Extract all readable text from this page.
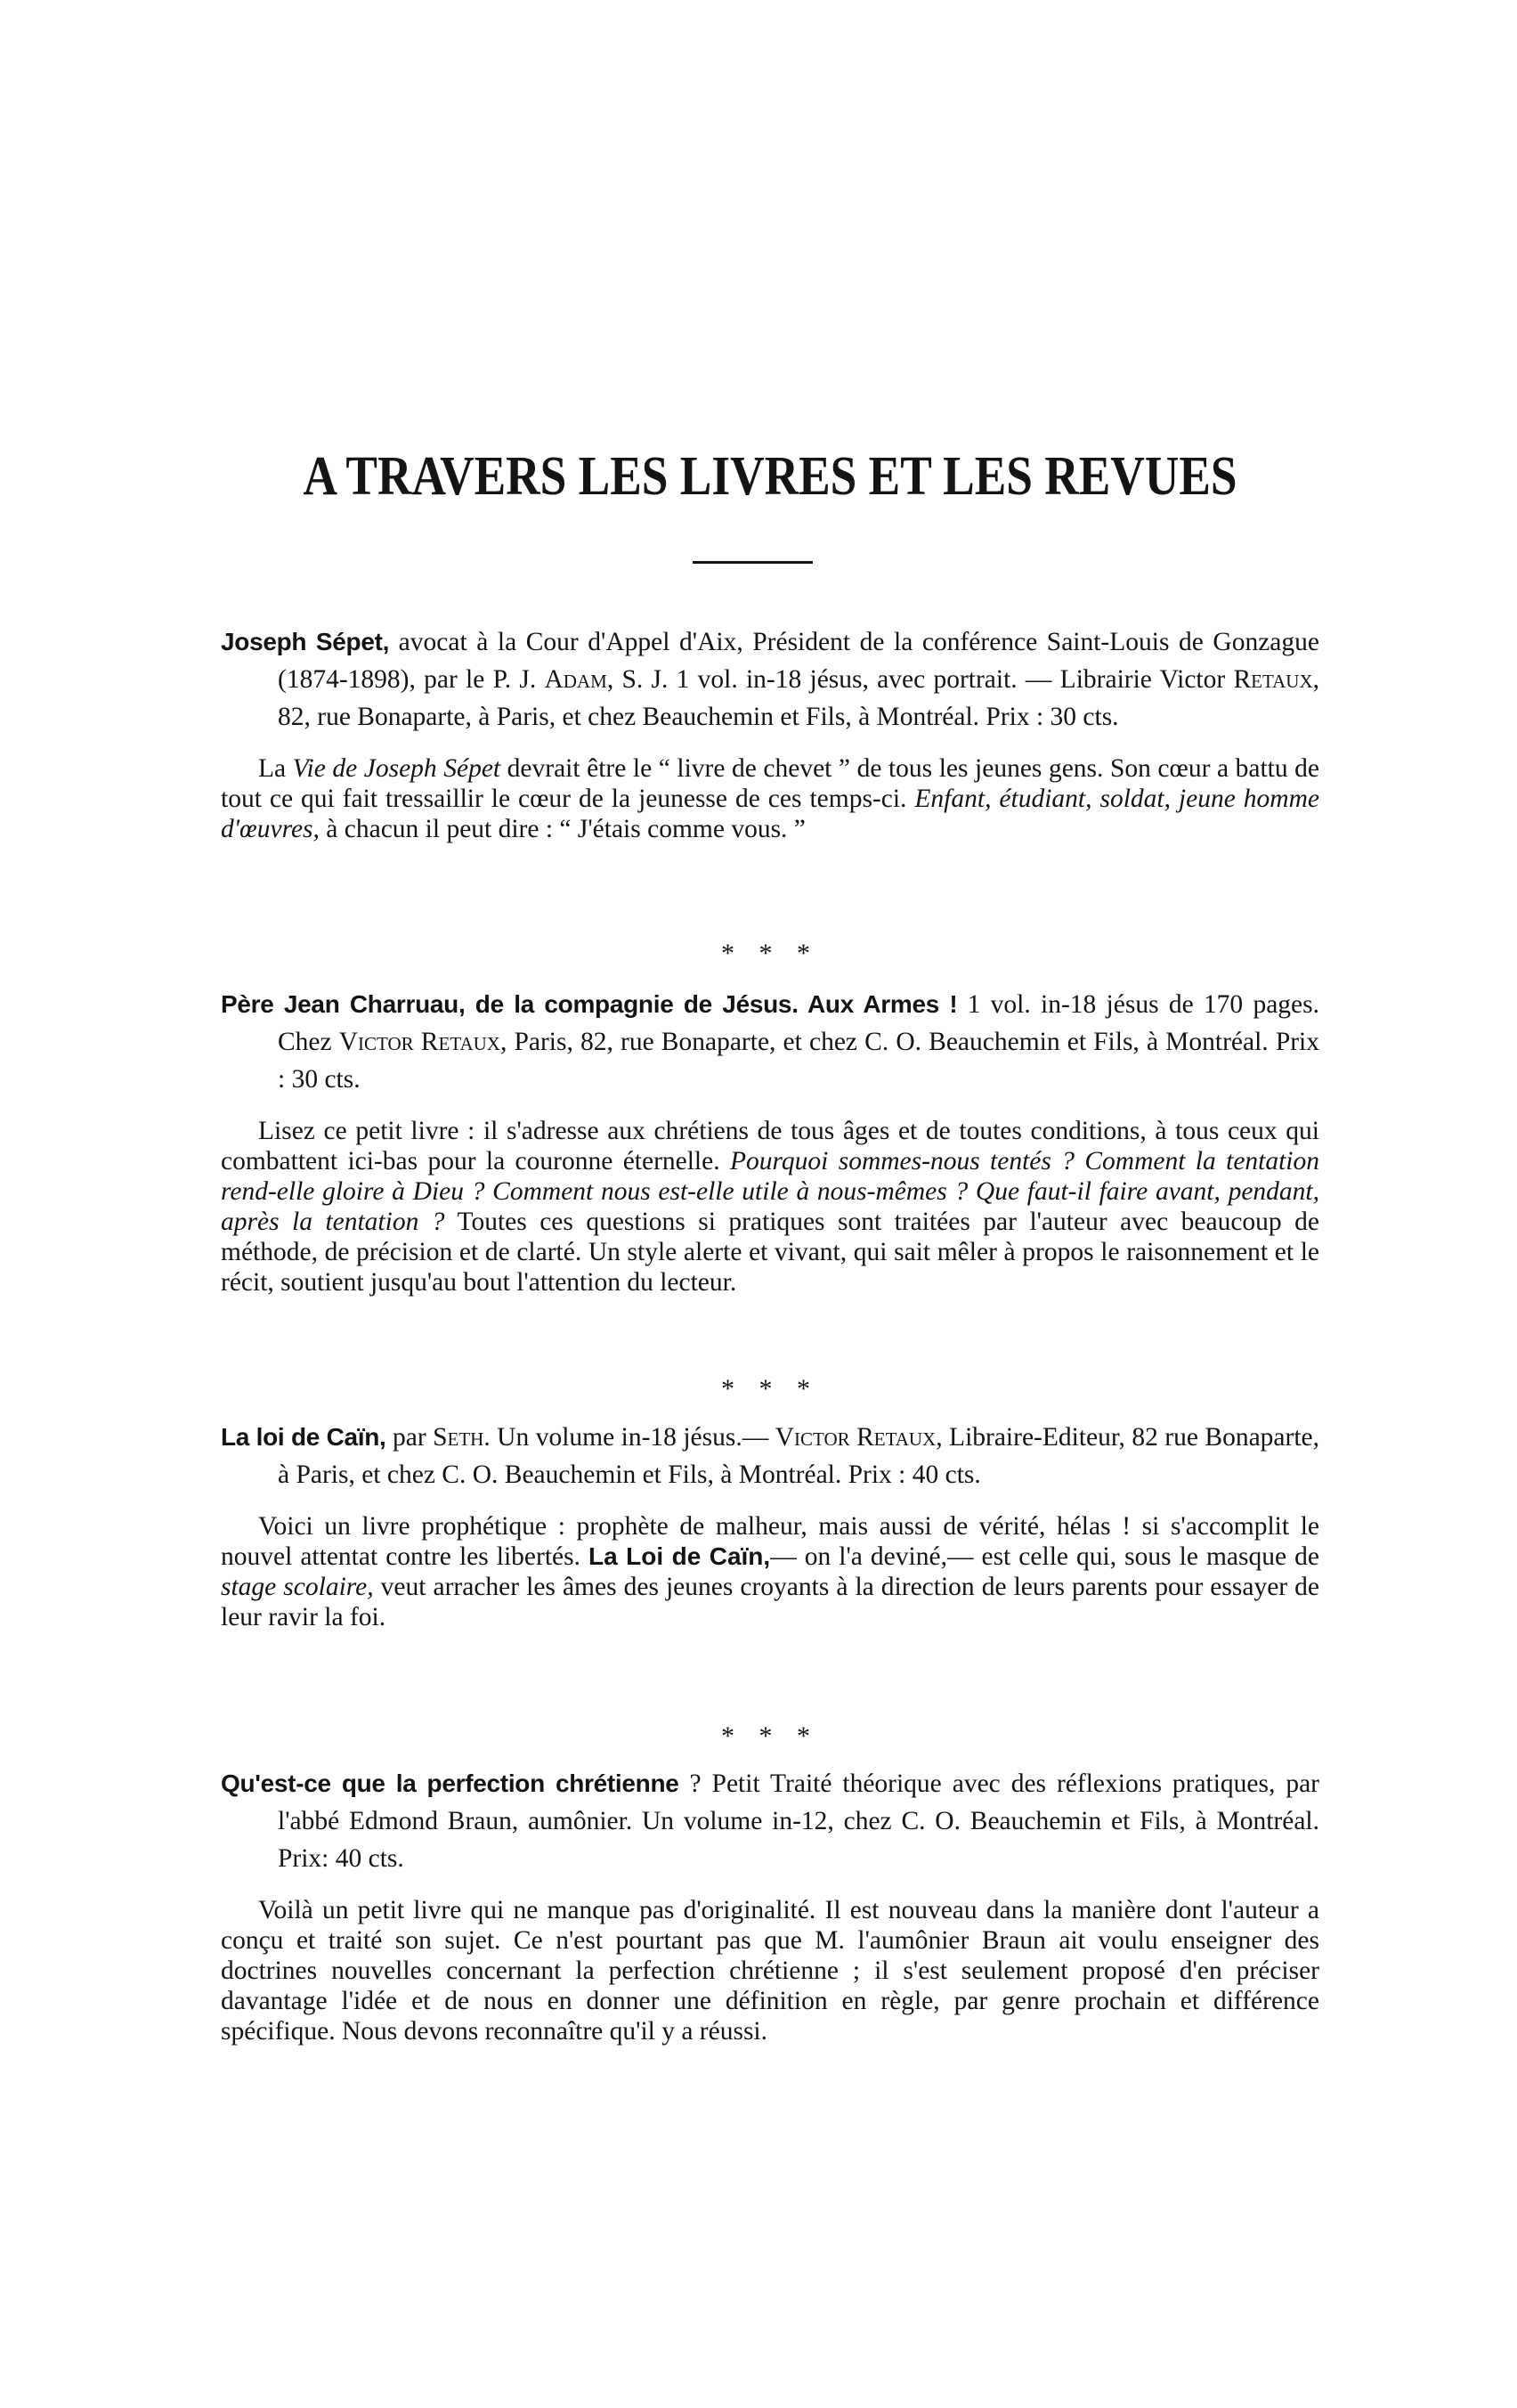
A TRAVERS LES LIVRES ET LES REVUES

Joseph Sépet, avocat à la Cour d'Appel d'Aix, Président de la conférence Saint-Louis de Gonzague (1874-1898), par le P. J. Adam, S. J. 1 vol. in-18 jésus, avec portrait. — Librairie Victor Retaux, 82, rue Bonaparte, à Paris, et chez Beauchemin et Fils, à Montréal. Prix : 30 cts.

La Vie de Joseph Sépet devrait être le “ livre de chevet ” de tous les jeunes gens. Son cœur a battu de tout ce qui fait tressaillir le cœur de la jeunesse de ces temps-ci. Enfant, étudiant, soldat, jeune homme d'œuvres, à chacun il peut dire : “ J'étais comme vous. ”

* * *

Père Jean Charruau, de la compagnie de Jésus. Aux Armes ! 1 vol. in-18 jésus de 170 pages. Chez Victor Retaux, Paris, 82, rue Bonaparte, et chez C. O. Beauchemin et Fils, à Montréal. Prix : 30 cts.

Lisez ce petit livre : il s'adresse aux chrétiens de tous âges et de toutes conditions, à tous ceux qui combattent ici-bas pour la couronne éternelle. Pourquoi sommes-nous tentés ? Comment la tentation rend-elle gloire à Dieu ? Comment nous est-elle utile à nous-mêmes ? Que faut-il faire avant, pendant, après la tentation ? Toutes ces questions si pratiques sont traitées par l'auteur avec beaucoup de méthode, de précision et de clarté. Un style alerte et vivant, qui sait mêler à propos le raisonnement et le récit, soutient jusqu'au bout l'attention du lecteur.

* * *

La loi de Caïn, par Seth. Un volume in-18 jésus.— Victor Retaux, Libraire-Editeur, 82 rue Bonaparte, à Paris, et chez C. O. Beauchemin et Fils, à Montréal. Prix : 40 cts.

Voici un livre prophétique : prophète de malheur, mais aussi de vérité, hélas ! si s'accomplit le nouvel attentat contre les libertés. La Loi de Caïn,— on l'a deviné,— est celle qui, sous le masque de stage scolaire, veut arracher les âmes des jeunes croyants à la direction de leurs parents pour essayer de leur ravir la foi.

* * *

Qu'est-ce que la perfection chrétienne ? Petit Traité théorique avec des réflexions pratiques, par l'abbé Edmond Braun, aumônier. Un volume in-12, chez C. O. Beauchemin et Fils, à Montréal. Prix: 40 cts.

Voilà un petit livre qui ne manque pas d'originalité. Il est nouveau dans la manière dont l'auteur a conçu et traité son sujet. Ce n'est pourtant pas que M. l'aumônier Braun ait voulu enseigner des doctrines nouvelles concernant la perfection chrétienne ; il s'est seulement proposé d'en préciser davantage l'idée et de nous en donner une définition en règle, par genre prochain et différence spécifique. Nous devons reconnaître qu'il y a réussi.
